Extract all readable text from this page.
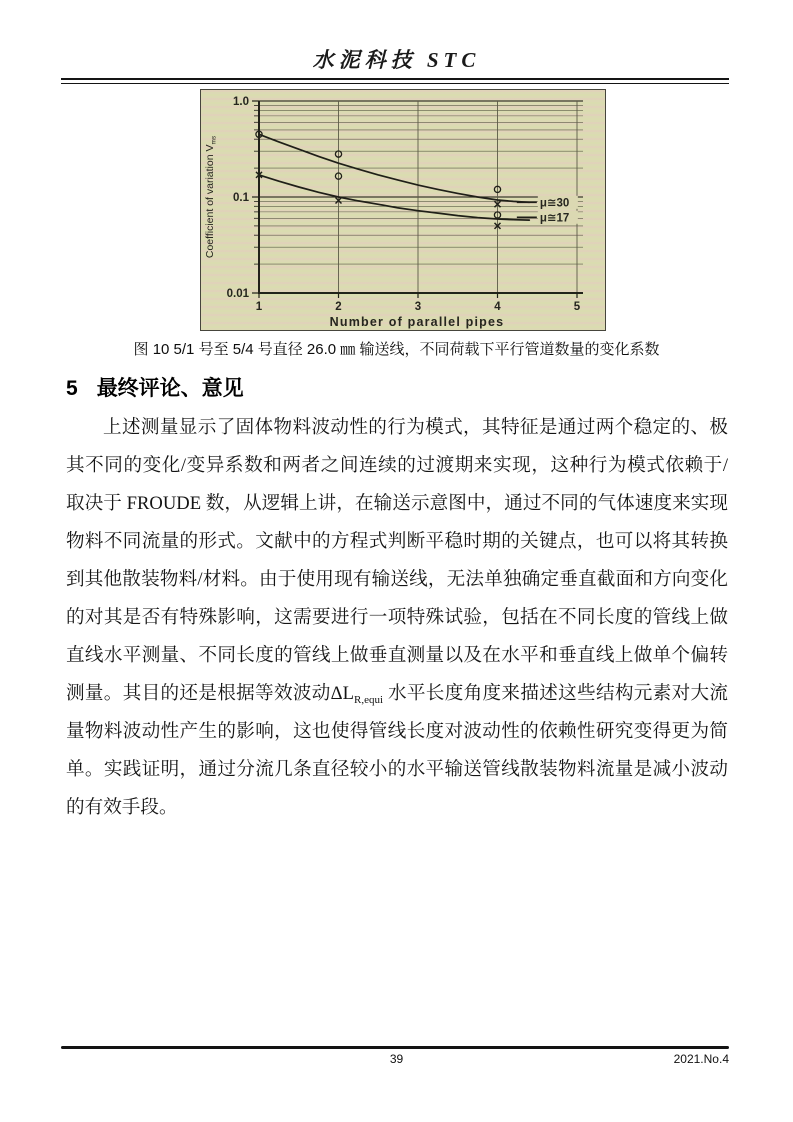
水泥科技 STC
1.0
0.1
0.01
1	2	3	4	5
μ≅30
μ≅17
Number of parallel pipes
Coefficient of variation $V_{ms}$
图 10 5/1 号至 5/4 号直径 26.0 ㎜ 输送线，不同荷载下平行管道数量的变化系数
5 最终评论、意见
上述测量显示了固体物料波动性的行为模式，其特征是通过两个稳定的、极
其不同的变化/变异系数和两者之间连续的过渡期来实现，这种行为模式依赖于/
取决于 FROUDE 数，从逻辑上讲，在输送示意图中，通过不同的气体速度来实现
物料不同流量的形式。文献中的方程式判断平稳时期的关键点，也可以将其转换
到其他散装物料/材料。由于使用现有输送线，无法单独确定垂直截面和方向变化
的对其是否有特殊影响，这需要进行一项特殊试验，包括在不同长度的管线上做
直线水平测量、不同长度的管线上做垂直测量以及在水平和垂直线上做单个偏转
测量。其目的还是根据等效波动$\Delta L_{R,equi}$ 水平长度角度来描述这些结构元素对大流
量物料波动性产生的影响，这也使得管线长度对波动性的依赖性研究变得更为简
单。实践证明，通过分流几条直径较小的水平输送管线散装物料流量是减小波动
的有效手段。
39	2021.No.4
